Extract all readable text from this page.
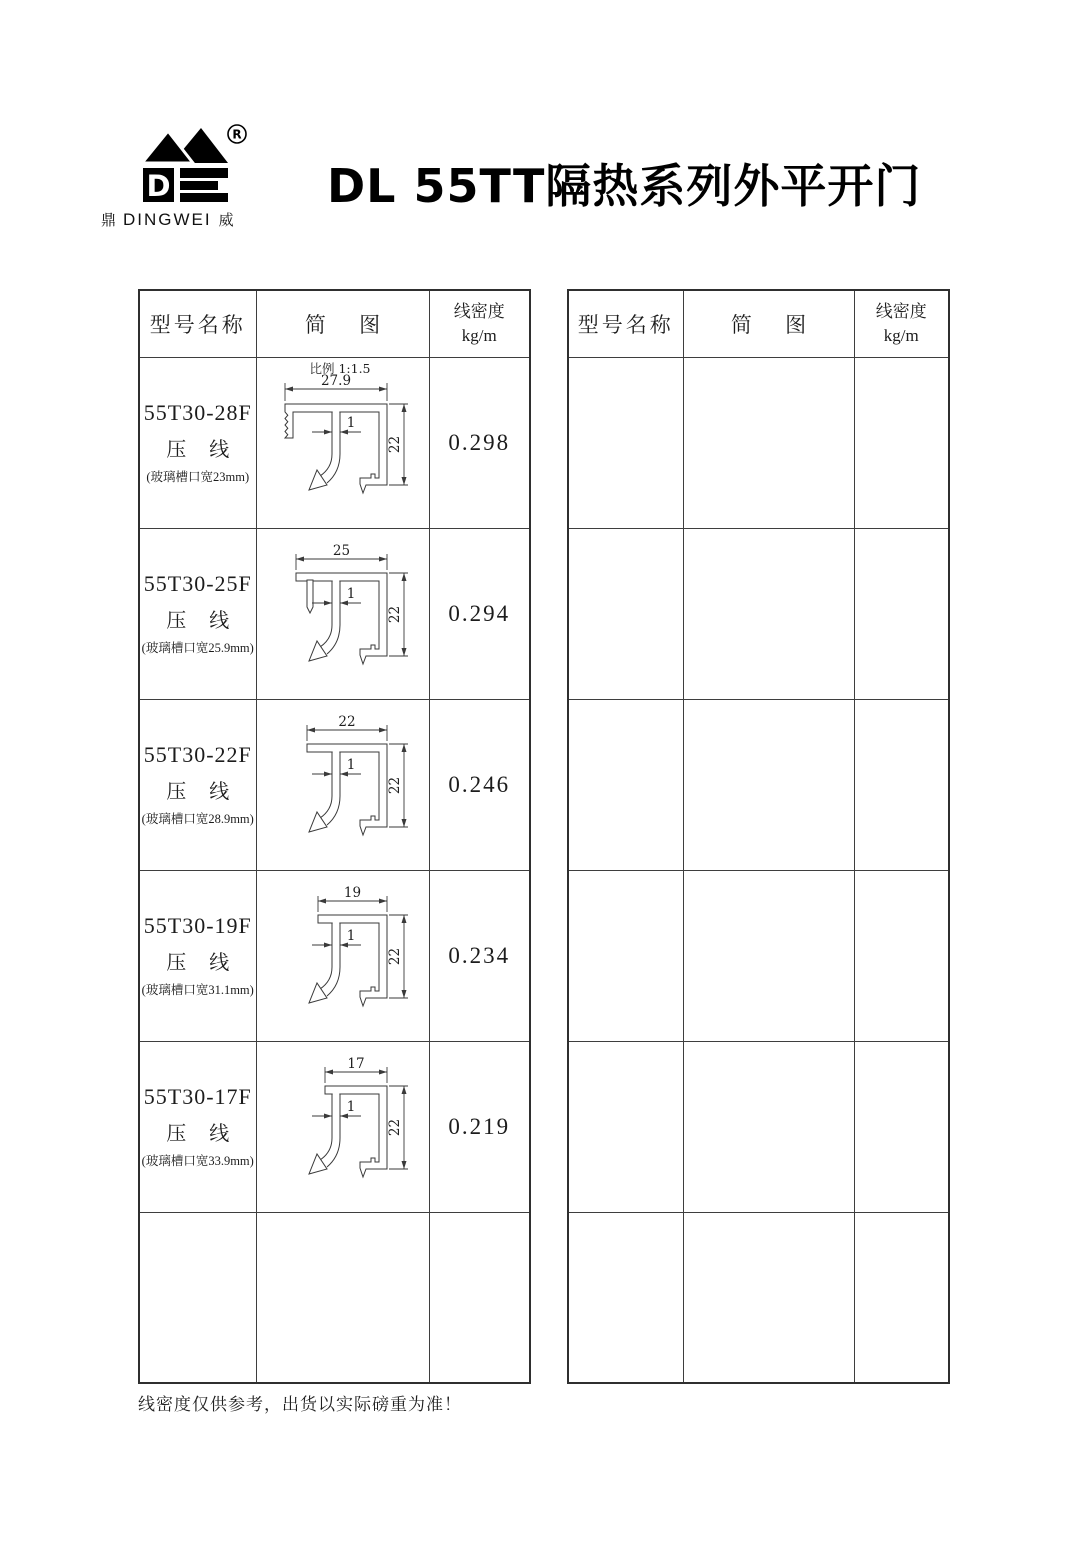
D
R
鼎 DINGWEI 威
DL 55TT隔热系列外平开门
型号名称	简 图	线密度
kg/m

55T30-28F
压 线
(玻璃槽口宽23mm)

27.9
比例 1:1.5
1
22	0.298

55T30-25F
压 线
(玻璃槽口宽25.9mm)

25
1
22	0.294

55T30-22F
压 线
(玻璃槽口宽28.9mm)

22
1
22	0.246

55T30-19F
压 线
(玻璃槽口宽31.1mm)

19
1
22	0.234

55T30-17F
压 线
(玻璃槽口宽33.9mm)

17
1
22	0.219

型号名称	简 图	线密度
kg/m

线密度仅供参考，出货以实际磅重为准！
